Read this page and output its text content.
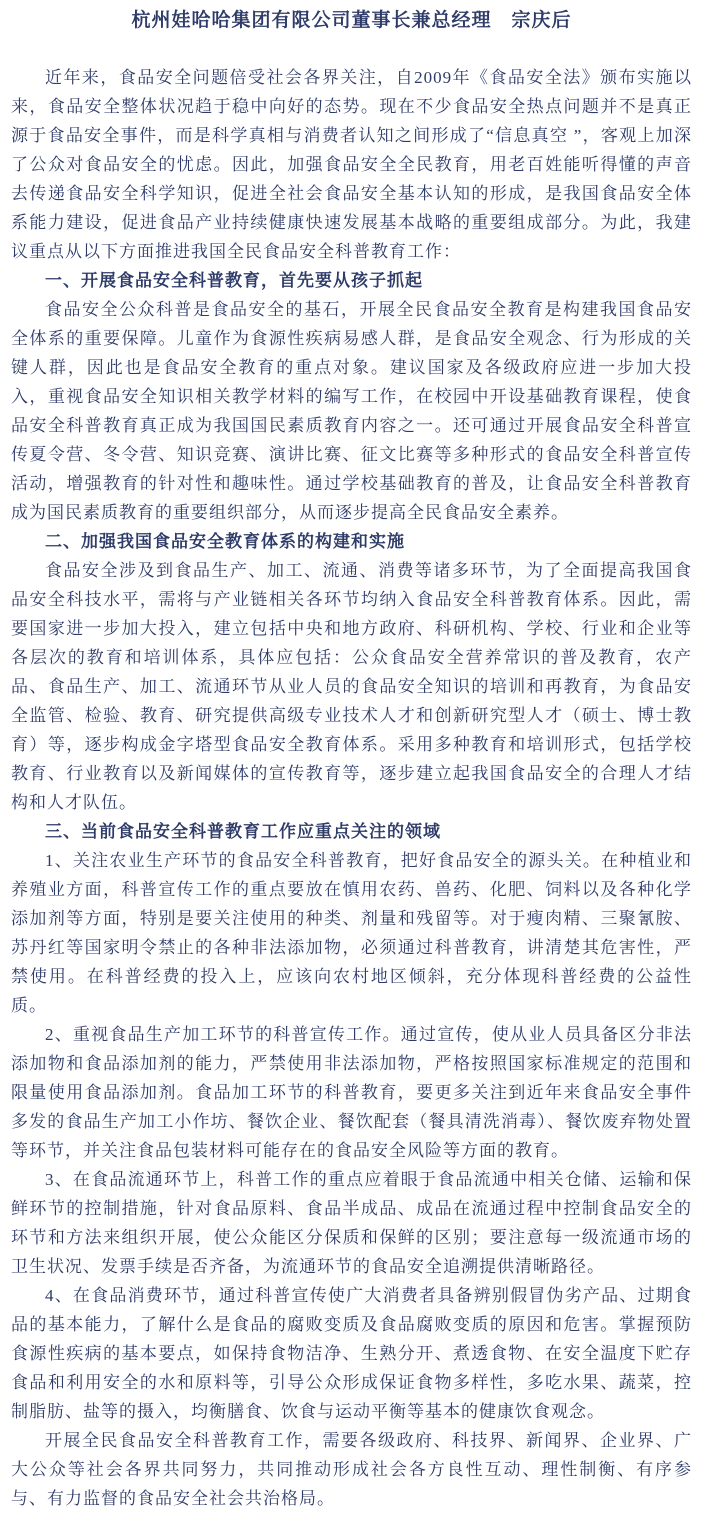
杭州娃哈哈集团有限公司董事长兼总经理　宗庆后

近年来，食品安全问题倍受社会各界关注，自2009年《食品安全法》颁布实施以来，食品安全整体状况趋于稳中向好的态势。现在不少食品安全热点问题并不是真正源于食品安全事件，而是科学真相与消费者认知之间形成了“信息真空 ”，客观上加深了公众对食品安全的忧虑。因此，加强食品安全全民教育，用老百姓能听得懂的声音去传递食品安全科学知识，促进全社会食品安全基本认知的形成，是我国食品安全体系能力建设，促进食品产业持续健康快速发展基本战略的重要组成部分。为此，我建议重点从以下方面推进我国全民食品安全科普教育工作：

一、开展食品安全科普教育，首先要从孩子抓起

食品安全公众科普是食品安全的基石，开展全民食品安全教育是构建我国食品安全体系的重要保障。儿童作为食源性疾病易感人群，是食品安全观念、行为形成的关键人群，因此也是食品安全教育的重点对象。建议国家及各级政府应进一步加大投入，重视食品安全知识相关教学材料的编写工作，在校园中开设基础教育课程，使食品安全科普教育真正成为我国国民素质教育内容之一。还可通过开展食品安全科普宣传夏令营、冬令营、知识竞赛、演讲比赛、征文比赛等多种形式的食品安全科普宣传活动，增强教育的针对性和趣味性。通过学校基础教育的普及，让食品安全科普教育成为国民素质教育的重要组织部分，从而逐步提高全民食品安全素养。

二、加强我国食品安全教育体系的构建和实施

食品安全涉及到食品生产、加工、流通、消费等诸多环节，为了全面提高我国食品安全科技水平，需将与产业链相关各环节均纳入食品安全科普教育体系。因此，需要国家进一步加大投入，建立包括中央和地方政府、科研机构、学校、行业和企业等各层次的教育和培训体系，具体应包括：公众食品安全营养常识的普及教育，农产品、食品生产、加工、流通环节从业人员的食品安全知识的培训和再教育，为食品安全监管、检验、教育、研究提供高级专业技术人才和创新研究型人才（硕士、博士教育）等，逐步构成金字塔型食品安全教育体系。采用多种教育和培训形式，包括学校教育、行业教育以及新闻媒体的宣传教育等，逐步建立起我国食品安全的合理人才结构和人才队伍。

三、当前食品安全科普教育工作应重点关注的领域

1、关注农业生产环节的食品安全科普教育，把好食品安全的源头关。在种植业和养殖业方面，科普宣传工作的重点要放在慎用农药、兽药、化肥、饲料以及各种化学添加剂等方面，特别是要关注使用的种类、剂量和残留等。对于瘦肉精、三聚氰胺、苏丹红等国家明令禁止的各种非法添加物，必须通过科普教育，讲清楚其危害性，严禁使用。在科普经费的投入上，应该向农村地区倾斜，充分体现科普经费的公益性质。

2、重视食品生产加工环节的科普宣传工作。通过宣传，使从业人员具备区分非法添加物和食品添加剂的能力，严禁使用非法添加物，严格按照国家标准规定的范围和限量使用食品添加剂。食品加工环节的科普教育，要更多关注到近年来食品安全事件多发的食品生产加工小作坊、餐饮企业、餐饮配套（餐具清洗消毒）、餐饮废弃物处置等环节，并关注食品包装材料可能存在的食品安全风险等方面的教育。

3、在食品流通环节上，科普工作的重点应着眼于食品流通中相关仓储、运输和保鲜环节的控制措施，针对食品原料、食品半成品、成品在流通过程中控制食品安全的环节和方法来组织开展，使公众能区分保质和保鲜的区别；要注意每一级流通市场的卫生状况、发票手续是否齐备，为流通环节的食品安全追溯提供清晰路径。

4、在食品消费环节，通过科普宣传使广大消费者具备辨别假冒伪劣产品、过期食品的基本能力，了解什么是食品的腐败变质及食品腐败变质的原因和危害。掌握预防食源性疾病的基本要点，如保持食物洁净、生熟分开、煮透食物、在安全温度下贮存食品和利用安全的水和原料等，引导公众形成保证食物多样性，多吃水果、蔬菜，控制脂肪、盐等的摄入，均衡膳食、饮食与运动平衡等基本的健康饮食观念。

开展全民食品安全科普教育工作，需要各级政府、科技界、新闻界、企业界、广大公众等社会各界共同努力，共同推动形成社会各方良性互动、理性制衡、有序参与、有力监督的食品安全社会共治格局。
